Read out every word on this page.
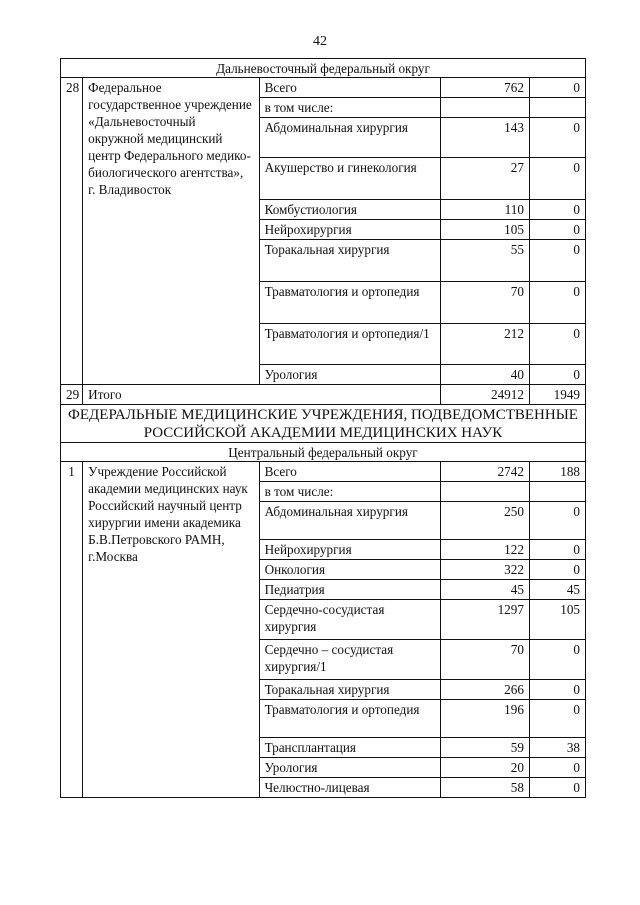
42
Дальневосточный федеральный округ				
28	Федеральное государственное учреждение «Дальневосточный окружной медицинский центр Федерального медико-биологического агентства», г. Владивосток	Всего	762	0
		в том числе:		
		Абдоминальная хирургия	143	0
		Акушерство и гинекология	27	0
		Комбустиология	110	0
		Нейрохирургия	105	0
		Торакальная хирургия	55	0
		Травматология и ортопедия	70	0
		Травматология и ортопедия/1	212	0
		Урология	40	0
29	Итого		24912	1949
ФЕДЕРАЛЬНЫЕ МЕДИЦИНСКИЕ УЧРЕЖДЕНИЯ, ПОДВЕДОМСТВЕННЫЕ РОССИЙСКОЙ АКАДЕМИИ МЕДИЦИНСКИХ НАУК				
Центральный федеральный округ				
1	Учреждение Российской академии медицинских наук Российский научный центр хирургии имени академика Б.В.Петровского РАМН, г.Москва	Всего	2742	188
		в том числе:		
		Абдоминальная хирургия	250	0
		Нейрохирургия	122	0
		Онкология	322	0
		Педиатрия	45	45
		Сердечно-сосудистая хирургия	1297	105
		Сердечно – сосудистая хирургия/1	70	0
		Торакальная хирургия	266	0
		Травматология и ортопедия	196	0
		Трансплантация	59	38
		Урология	20	0
		Челюстно-лицевая	58	0
